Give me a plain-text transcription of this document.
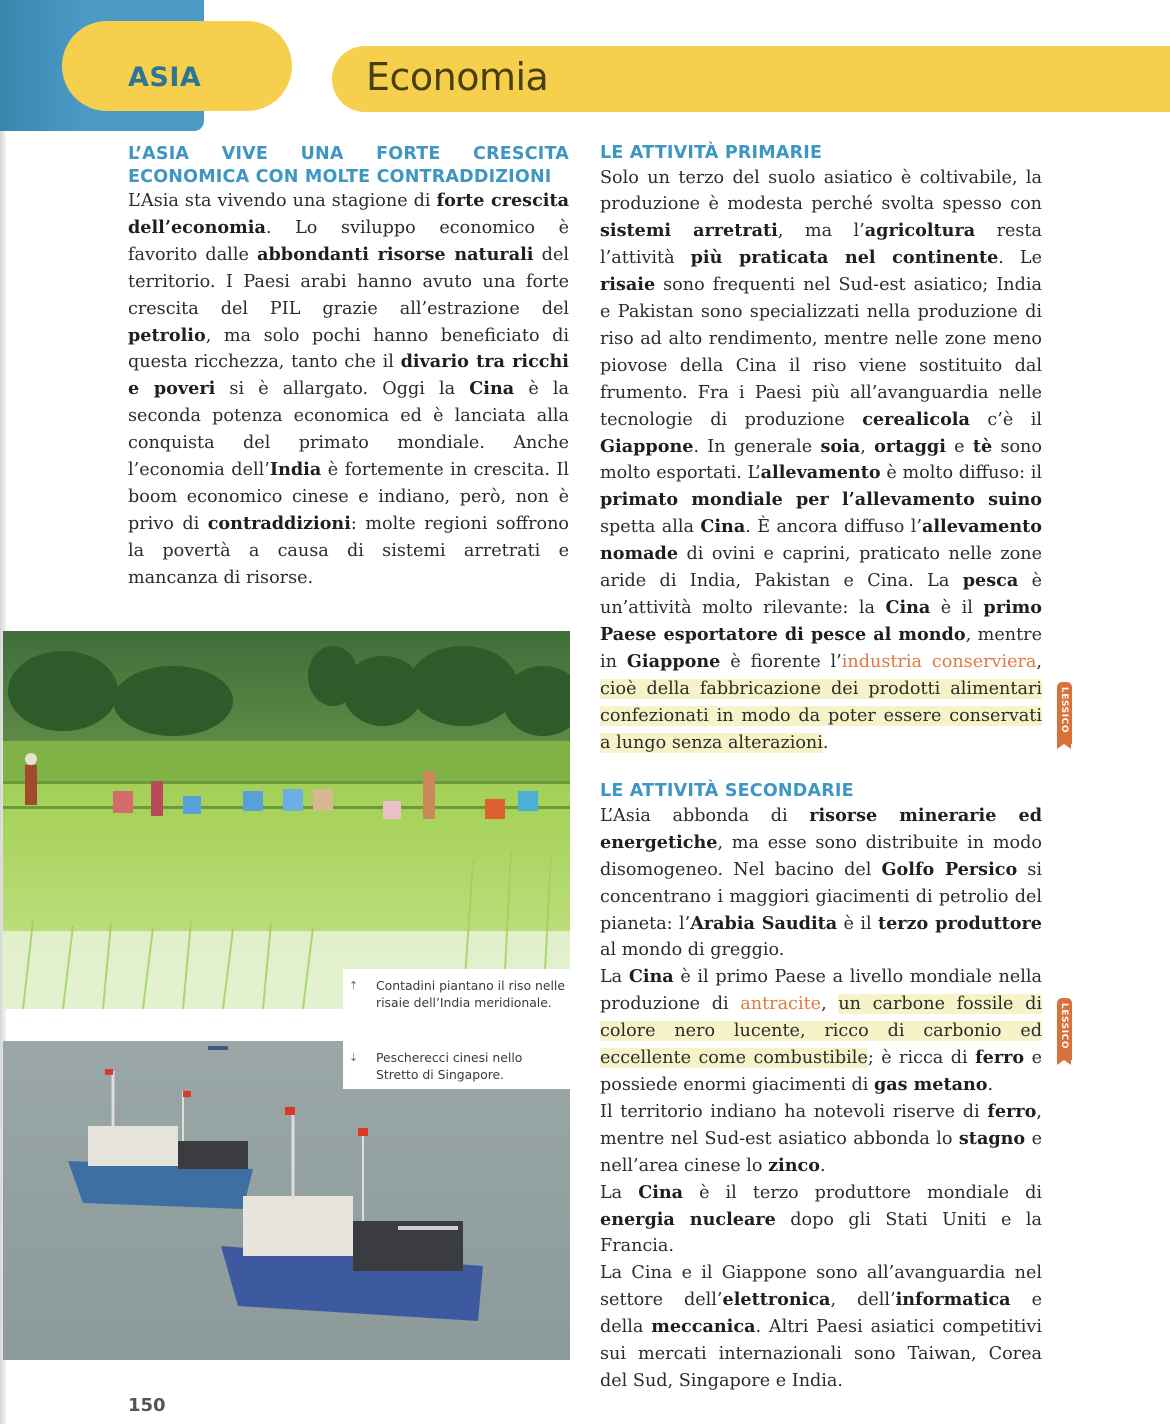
ASIA	Economia
L’ASIA VIVE UNA FORTE CRESCITA ECONOMICA CON MOLTE CONTRADDIZIONI

L’Asia sta vivendo una stagione di forte crescita dell’economia. Lo sviluppo economico è favorito dalle abbondanti risorse naturali del territorio. I Paesi arabi hanno avuto una forte crescita del PIL grazie all’estrazione del petrolio, ma solo pochi hanno beneficiato di questa ricchezza, tanto che il divario tra ricchi e poveri si è allargato. Oggi la Cina è la seconda potenza economica ed è lanciata alla conquista del primato mondiale. Anche l’economia dell’India è fortemente in crescita. Il boom economico cinese e indiano, però, non è privo di contraddizioni: molte regioni soffrono la povertà a causa di sistemi arretrati e mancanza di risorse.

⇡	Contadini piantano il riso nelle risaie dell’India meridionale.
⇣	Pescherecci cinesi nello Stretto di Singapore.
LE ATTIVITÀ PRIMARIE

Solo un terzo del suolo asiatico è coltivabile, la produzione è modesta perché svolta spesso con sistemi arretrati, ma l’agricoltura resta l’attività più praticata nel continente. Le risaie sono frequenti nel Sud-est asiatico; India e Pakistan sono specializzati nella produzione di riso ad alto rendimento, mentre nelle zone meno piovose della Cina il riso viene sostituito dal frumento. Fra i Paesi più all’avanguardia nelle tecnologie di produzione cerealicola c’è il Giappone. In generale soia, ortaggi e tè sono molto esportati. L’allevamento è molto diffuso: il primato mondiale per l’allevamento suino spetta alla Cina. È ancora diffuso l’allevamento nomade di ovini e caprini, praticato nelle zone aride di India, Pakistan e Cina. La pesca è un’attività molto rilevante: la Cina è il primo Paese esportatore di pesce al mondo, mentre in Giappone è fiorente l’industria conserviera, cioè della fabbricazione dei prodotti alimentari confezionati in modo da poter essere conservati a lungo senza alterazioni.

LE ATTIVITÀ SECONDARIE

L’Asia abbonda di risorse minerarie ed energetiche, ma esse sono distribuite in modo disomogeneo. Nel bacino del Golfo Persico si concentrano i maggiori giacimenti di petrolio del pianeta: l’Arabia Saudita è il terzo produttore al mondo di greggio.

La Cina è il primo Paese a livello mondiale nella produzione di antracite, un carbone fossile di colore nero lucente, ricco di carbonio ed eccellente come combustibile; è ricca di ferro e possiede enormi giacimenti di gas metano.

Il territorio indiano ha notevoli riserve di ferro, mentre nel Sud-est asiatico abbonda lo stagno e nell’area cinese lo zinco.

La Cina è il terzo produttore mondiale di energia nucleare dopo gli Stati Uniti e la Francia.

La Cina e il Giappone sono all’avanguardia nel settore dell’elettronica, dell’informatica e della meccanica. Altri Paesi asiatici competitivi sui mercati internazionali sono Taiwan, Corea del Sud, Singapore e India.

LESSICO
LESSICO
150
